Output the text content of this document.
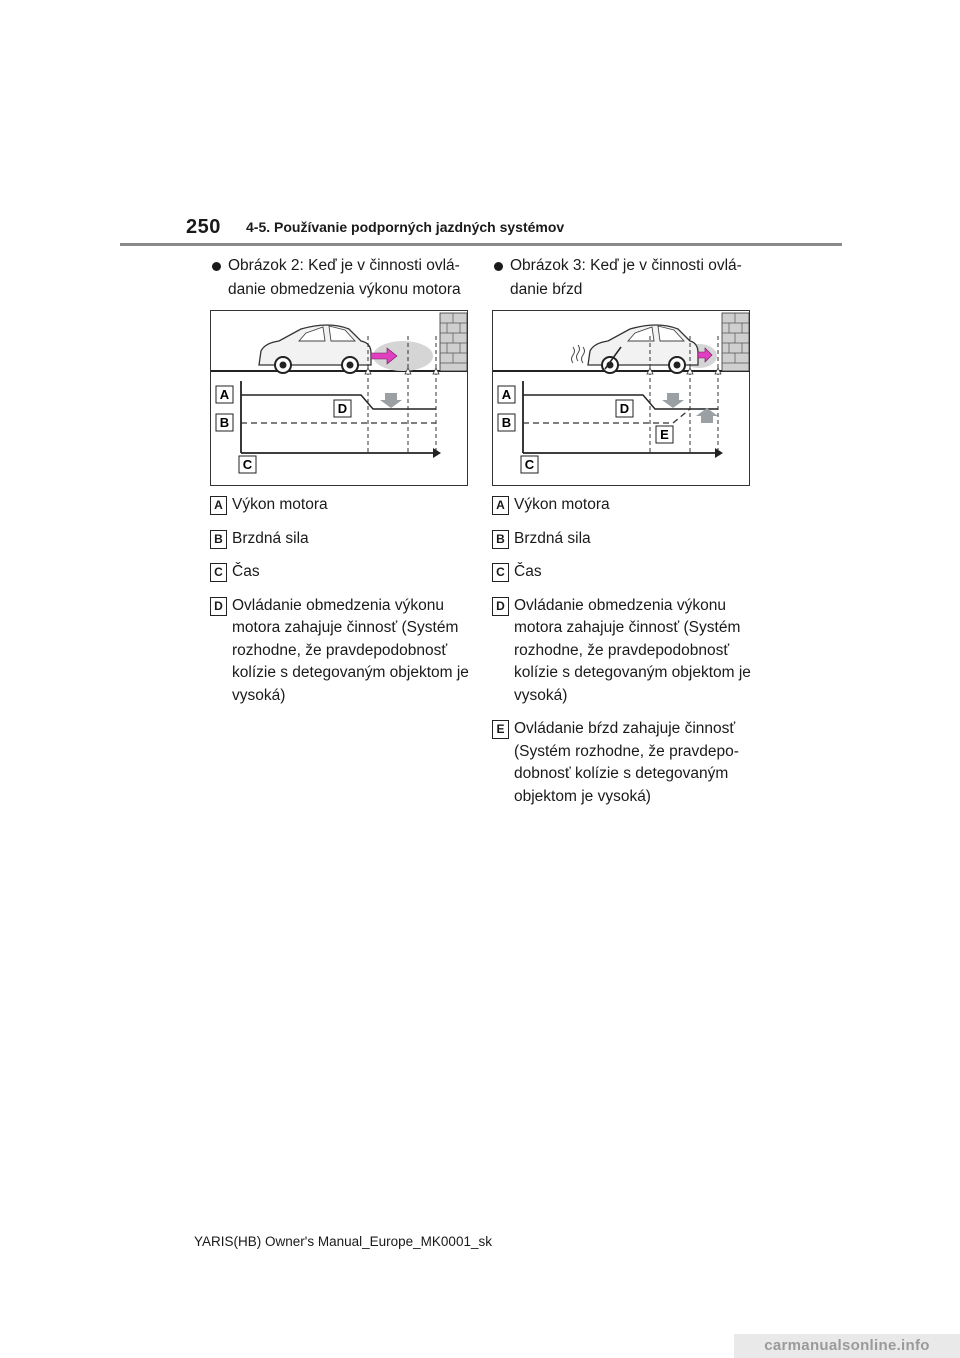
250 4-5. Používanie podporných jazdných systémov
Obrázok 2: Keď je v činnosti ovlá-danie obmedzenia výkonu motora
A
B
C
D
A Výkon motora
B Brzdná sila
C Čas
D Ovládanie obmedzenia výkonu motora zahajuje činnosť (Systém rozhodne, že pravdepodobnosť kolízie s detegovaným objektom je vysoká)
Obrázok 3: Keď je v činnosti ovlá-danie bŕzd
A
B
C
D
E
A Výkon motora
B Brzdná sila
C Čas
D Ovládanie obmedzenia výkonu motora zahajuje činnosť (Systém rozhodne, že pravdepodobnosť kolízie s detegovaným objektom je vysoká)
E Ovládanie bŕzd zahajuje činnosť (Systém rozhodne, že pravdepo-dobnosť kolízie s detegovaným objektom je vysoká)
YARIS(HB) Owner's Manual_Europe_MK0001_sk
carmanualsonline.info
